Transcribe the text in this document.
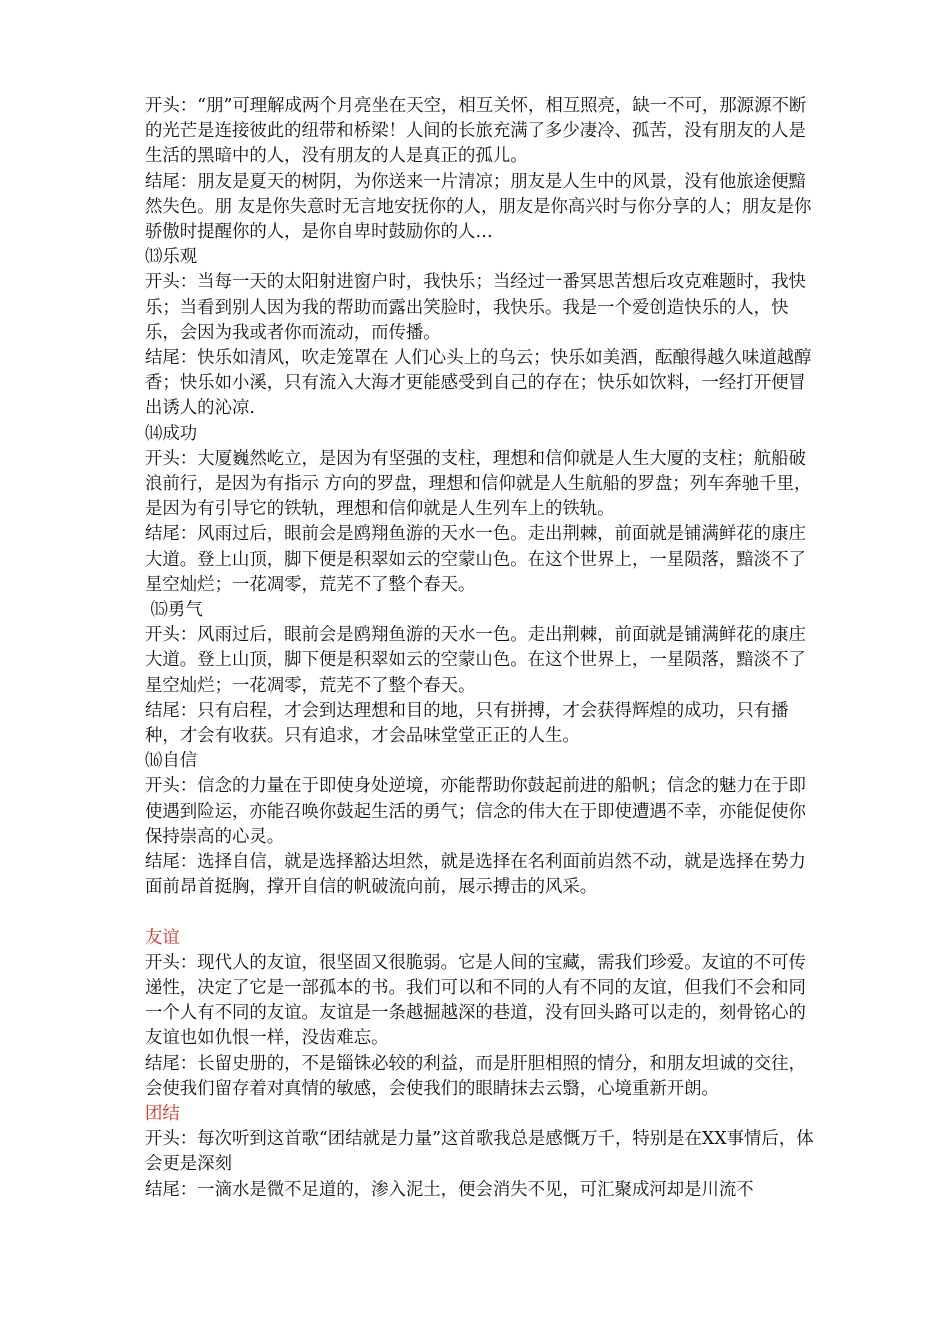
开头：“朋”可理解成两个月亮坐在天空，相互关怀，相互照亮，缺一不可，那源源不断的光芒是连接彼此的纽带和桥梁！人间的长旅充满了多少凄冷、孤苦，没有朋友的人是生活的黑暗中的人，没有朋友的人是真正的孤儿。

结尾：朋友是夏天的树阴，为你送来一片清凉；朋友是人生中的风景，没有他旅途便黯然失色。朋 友是你失意时无言地安抚你的人，朋友是你高兴时与你分享的人；朋友是你骄傲时提醒你的人，是你自卑时鼓励你的人…

⒀乐观

开头：当每一天的太阳射进窗户时，我快乐；当经过一番冥思苦想后攻克难题时，我快乐；当看到别人因为我的帮助而露出笑脸时，我快乐。我是一个爱创造快乐的人，快乐，会因为我或者你而流动，而传播。

结尾：快乐如清风，吹走笼罩在 人们心头上的乌云；快乐如美酒，酝酿得越久味道越醇香；快乐如小溪，只有流入大海才更能感受到自己的存在；快乐如饮料，一经打开便冒出诱人的沁凉.

⒁成功

开头：大厦巍然屹立，是因为有坚强的支柱，理想和信仰就是人生大厦的支柱；航船破浪前行，是因为有指示 方向的罗盘，理想和信仰就是人生航船的罗盘；列车奔驰千里，是因为有引导它的铁轨，理想和信仰就是人生列车上的铁轨。

结尾：风雨过后，眼前会是鸥翔鱼游的天水一色。走出荆棘，前面就是铺满鲜花的康庄大道。登上山顶，脚下便是积翠如云的空蒙山色。在这个世界上，一星陨落，黯淡不了星空灿烂；一花凋零，荒芜不了整个春天。

⒂勇气

开头：风雨过后，眼前会是鸥翔鱼游的天水一色。走出荆棘，前面就是铺满鲜花的康庄大道。登上山顶，脚下便是积翠如云的空蒙山色。在这个世界上，一星陨落，黯淡不了星空灿烂；一花凋零，荒芜不了整个春天。

结尾：只有启程，才会到达理想和目的地，只有拼搏，才会获得辉煌的成功，只有播种，才会有收获。只有追求，才会品味堂堂正正的人生。

⒃自信

开头：信念的力量在于即使身处逆境，亦能帮助你鼓起前进的船帆；信念的魅力在于即使遇到险运，亦能召唤你鼓起生活的勇气；信念的伟大在于即使遭遇不幸，亦能促使你保持崇高的心灵。

结尾：选择自信，就是选择豁达坦然，就是选择在名利面前岿然不动，就是选择在势力面前昂首挺胸，撑开自信的帆破流向前，展示搏击的风采。

友谊

开头：现代人的友谊，很坚固又很脆弱。它是人间的宝藏，需我们珍爱。友谊的不可传递性，决定了它是一部孤本的书。我们可以和不同的人有不同的友谊，但我们不会和同一个人有不同的友谊。友谊是一条越掘越深的巷道，没有回头路可以走的，刻骨铭心的友谊也如仇恨一样，没齿难忘。

结尾：长留史册的，不是锱铢必较的利益，而是肝胆相照的情分，和朋友坦诚的交往，会使我们留存着对真情的敏感，会使我们的眼睛抹去云翳，心境重新开朗。

团结

开头：每次听到这首歌“团结就是力量”这首歌我总是感慨万千，特别是在XX事情后，体会更是深刻

结尾：一滴水是微不足道的，渗入泥土，便会消失不见，可汇聚成河却是川流不
